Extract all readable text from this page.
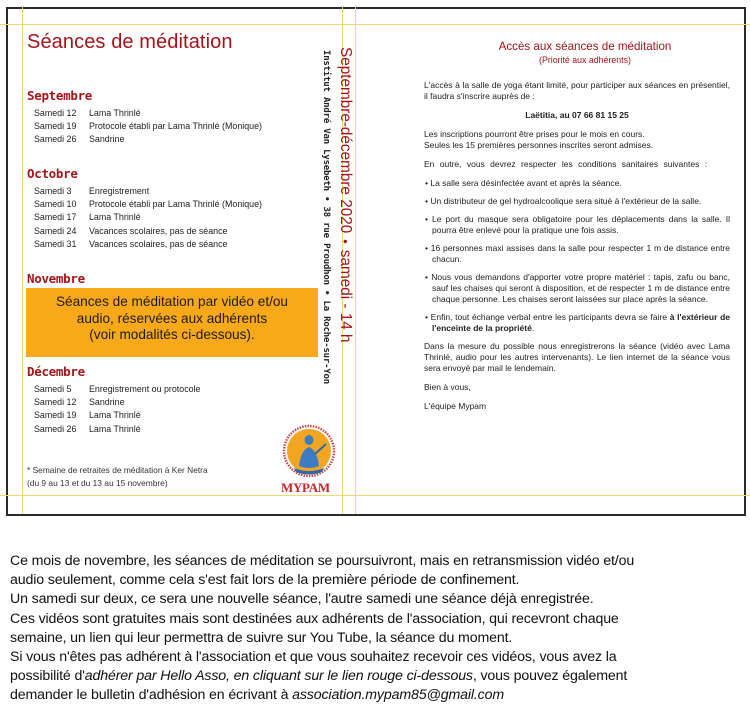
Séances de méditation
Septembre
Samedi 12 Lama Thrinlé
Samedi 19 Protocole établi par Lama Thrinlé (Monique)
Samedi 26 Sandrine
Octobre
Samedi 3 Enregistrement
Samedi 10 Protocole établi par Lama Thrinlé (Monique)
Samedi 17 Lama Thrinlé
Samedi 24 Vacances scolaires, pas de séance
Samedi 31 Vacances scolaires, pas de séance
Novembre
Séances de méditation par vidéo et/ou
audio, réservées aux adhérents
(voir modalités ci-dessous).
Décembre
Samedi 5 Enregistrement ou protocole
Samedi 12 Sandrine
Samedi 19 Lama Thrinlé
Samedi 26 Lama Thrinlé
* Semaine de retraites de méditation à Ker Netra
(du 9 au 13 et du 13 au 15 novembre)	MYPAM
Institut André Van Lysebeth • 38 rue Proudhon • La Roche-sur-Yon Septembre-décembre 2020•samedi - 14 h
Accès aux séances de méditation
(Priorité aux adhérents)

L'accès à la salle de yoga étant limité, pour participer aux séances en présentiel, il faudra s'inscrire auprès de :

Laëtitia, au 07 66 81 15 25

Les inscriptions pourront être prises pour le mois en cours.
Seules les 15 premières personnes inscrites seront admises.

En outre, vous devrez respecter les conditions sanitaires suivantes :

• La salle sera désinfectée avant et après la séance.

• Un distributeur de gel hydroalcoolique sera situé à l'extérieur de la salle.

• Le port du masque sera obligatoire pour les déplacements dans la salle. Il pourra être enlevé pour la pratique une fois assis.

• 16 personnes maxi assises dans la salle pour respecter 1 m de distance entre chacun.

• Nous vous demandons d'apporter votre propre matériel : tapis, zafu ou banc, sauf les chaises qui seront à disposition, et de respecter 1 m de distance entre chaque personne. Les chaises seront laissées sur place après la séance.

• Enfin, tout échange verbal entre les participants devra se faire à l'extérieur de l'enceinte de la propriété.

Dans la mesure du possible nous enregistrerons la séance (vidéo avec Lama Thrinlé, audio pour les autres intervenants). Le lien internet de la séance vous sera envoyé par mail le lendemain.

Bien à vous,

L'équipe Mypam

Ce mois de novembre, les séances de méditation se poursuivront, mais en retransmission vidéo et/ou
audio seulement, comme cela s'est fait lors de la première période de confinement.
Un samedi sur deux, ce sera une nouvelle séance, l'autre samedi une séance déjà enregistrée.
Ces vidéos sont gratuites mais sont destinées aux adhérents de l'association, qui recevront chaque
semaine, un lien qui leur permettra de suivre sur You Tube, la séance du moment.
Si vous n'êtes pas adhérent à l'association et que vous souhaitez recevoir ces vidéos, vous avez la
possibilité d'adhérer par Hello Asso, en cliquant sur le lien rouge ci-dessous, vous pouvez également
demander le bulletin d'adhésion en écrivant à association.mypam85@gmail.com
